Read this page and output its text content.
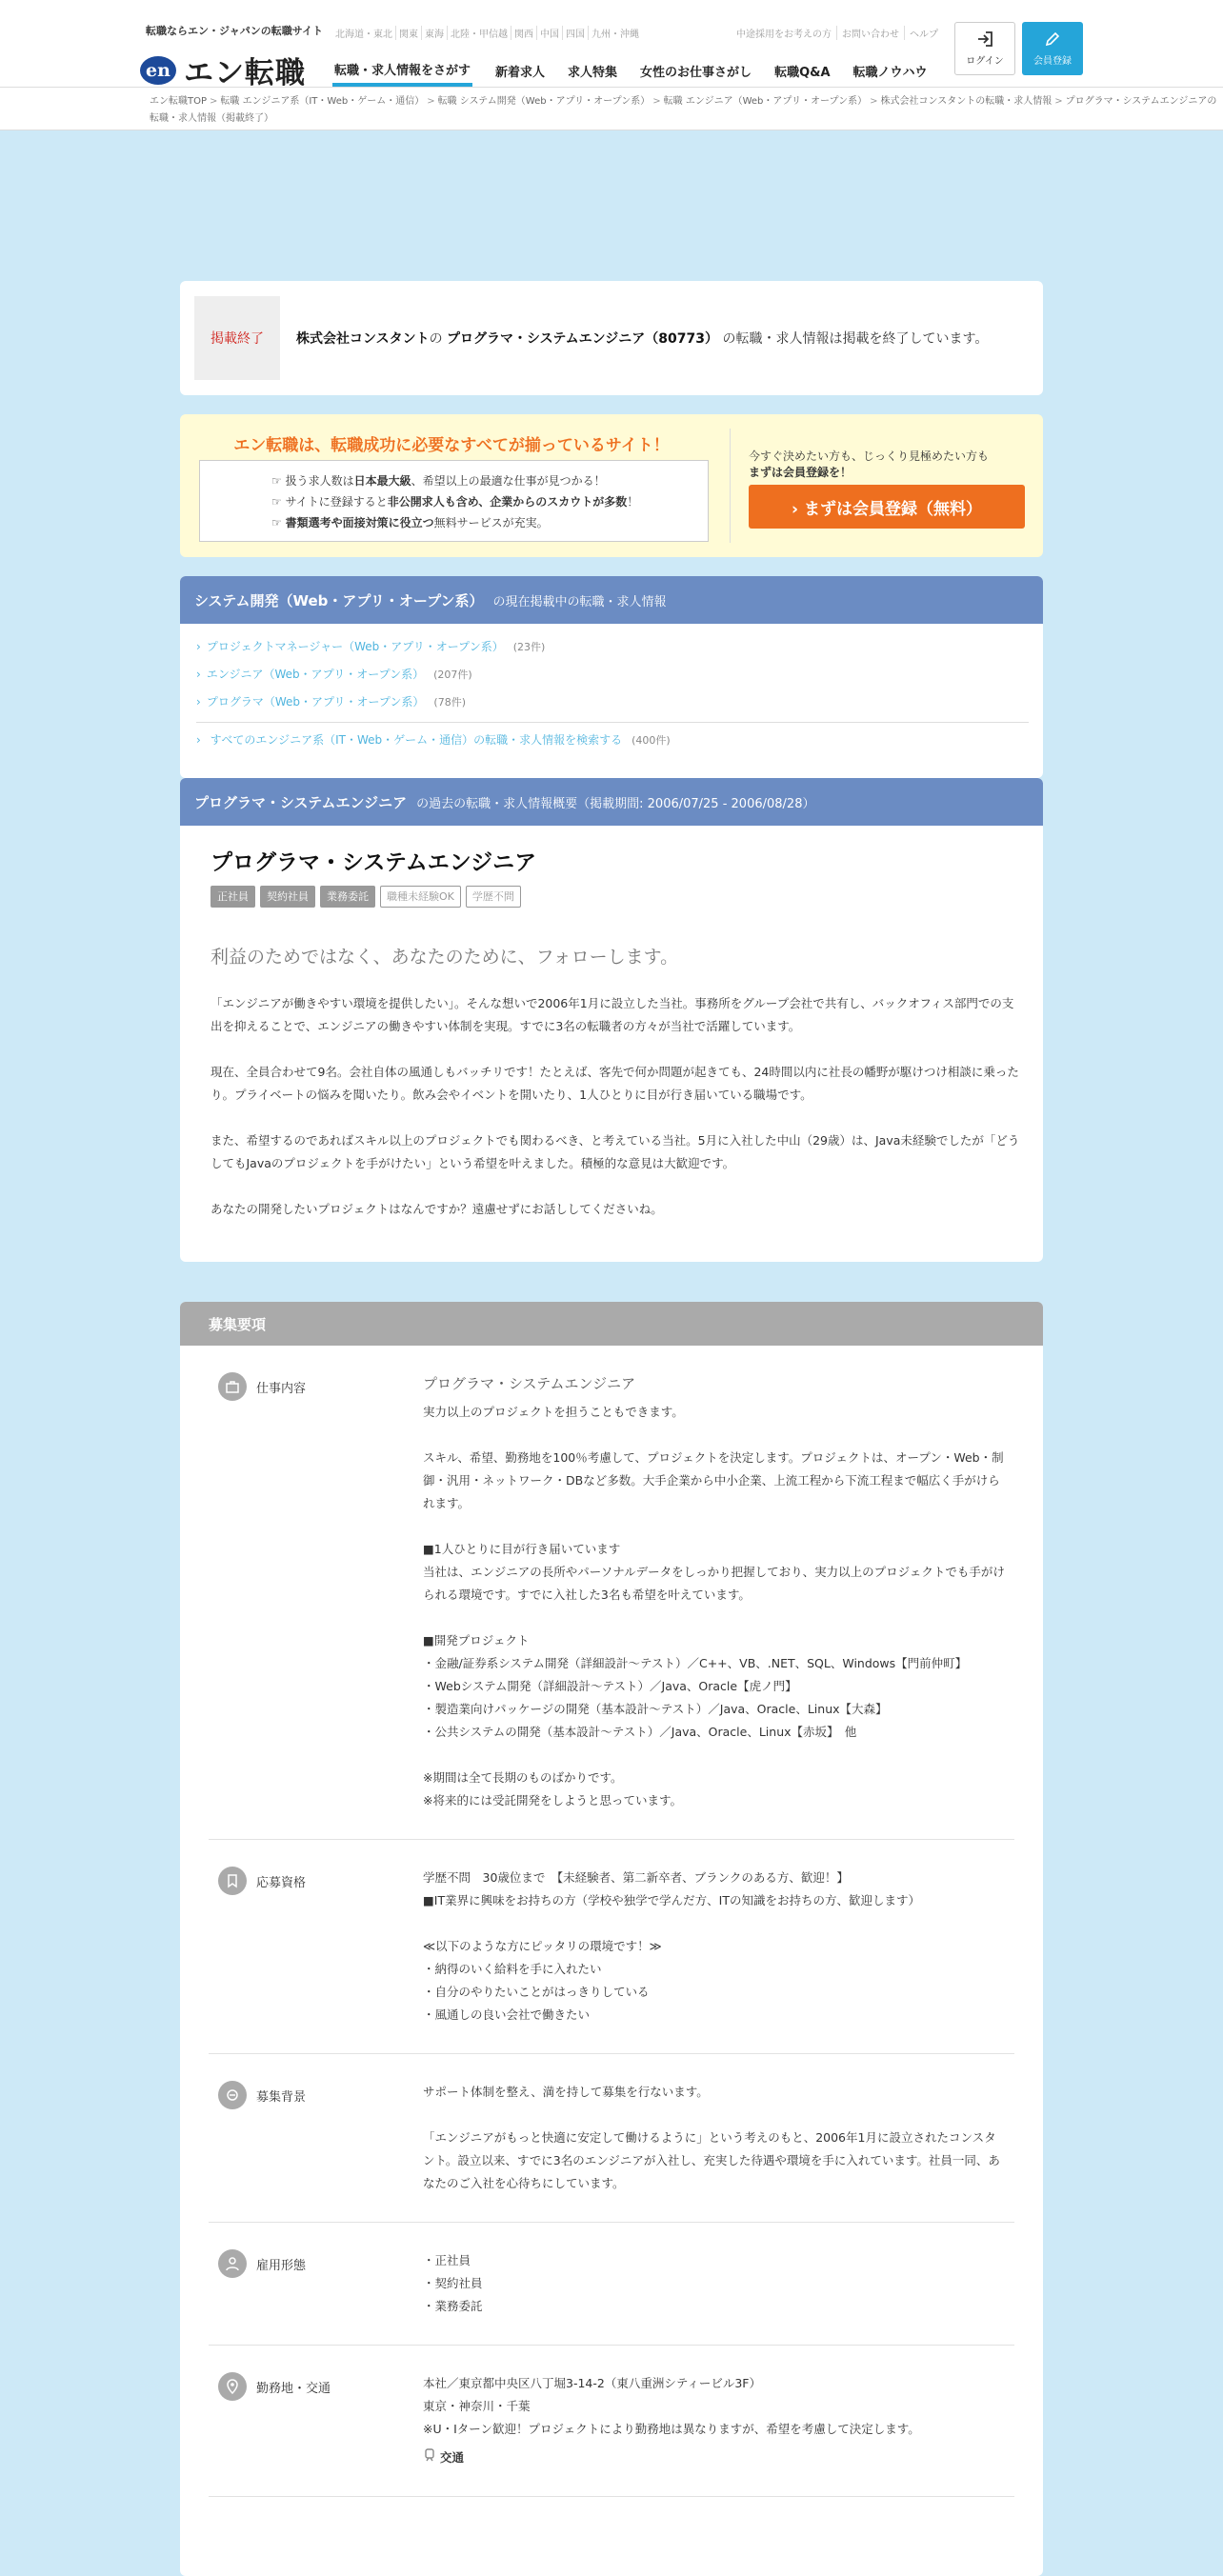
転職ならエン・ジャパンの転職サイト
en エン転職
北海道・東北 関東 東海 北陸・甲信越 関西 中国 四国 九州・沖縄	中途採用をお考えの方	お問い合わせ	ヘルプ
転職・求人情報をさがす 新着求人 求人特集 女性のお仕事さがし 転職Q&A 転職ノウハウ
ログイン	会員登録
エン転職TOP > 転職 エンジニア系（IT・Web・ゲーム・通信） > 転職 システム開発（Web・アプリ・オープン系） > 転職 エンジニア（Web・アプリ・オープン系） > 株式会社コンスタントの転職・求人情報 > プログラマ・システムエンジニアの転職・求人情報（掲載終了）
掲載終了	株式会社コンスタントの プログラマ・システムエンジニア（80773） の転職・求人情報は掲載を終了しています。
エン転職は、転職成功に必要なすべてが揃っているサイト！
☞ 扱う求人数は日本最大級、希望以上の最適な仕事が見つかる！
☞ サイトに登録すると非公開求人も含め、企業からのスカウトが多数！
☞ 書類選考や面接対策に役立つ無料サービスが充実。
今すぐ決めたい方も、じっくり見極めたい方も
まずは会員登録を！
› まずは会員登録（無料）
システム開発（Web・アプリ・オープン系） の現在掲載中の転職・求人情報
› プロジェクトマネージャー（Web・アプリ・オープン系） (23件)
› エンジニア（Web・アプリ・オープン系） (207件)
› プログラマ（Web・アプリ・オープン系） (78件)
› すべてのエンジニア系（IT・Web・ゲーム・通信）の転職・求人情報を検索する (400件)
プログラマ・システムエンジニア の過去の転職・求人情報概要（掲載期間: 2006/07/25 - 2006/08/28）
プログラマ・システムエンジニア
正社員	契約社員	業務委託	職種未経験OK	学歴不問
利益のためではなく、あなたのために、フォローします。

「エンジニアが働きやすい環境を提供したい」。そんな想いで2006年1月に設立した当社。事務所をグループ会社で共有し、バックオフィス部門での支出を抑えることで、エンジニアの働きやすい体制を実現。すでに3名の転職者の方々が当社で活躍しています。

現在、全員合わせて9名。会社自体の風通しもバッチリです！たとえば、客先で何か問題が起きても、24時間以内に社長の幡野が駆けつけ相談に乗ったり。プライベートの悩みを聞いたり。飲み会やイベントを開いたり、1人ひとりに目が行き届いている職場です。

また、希望するのであればスキル以上のプロジェクトでも関わるべき、と考えている当社。5月に入社した中山（29歳）は、Java未経験でしたが「どうしてもJavaのプロジェクトを手がけたい」という希望を叶えました。積極的な意見は大歓迎です。

あなたの開発したいプロジェクトはなんですか？遠慮せずにお話ししてくださいね。

募集要項
仕事内容	プログラマ・システムエンジニア
実力以上のプロジェクトを担うこともできます。

スキル、希望、勤務地を100％考慮して、プロジェクトを決定します。プロジェクトは、オープン・Web・制御・汎用・ネットワーク・DBなど多数。大手企業から中小企業、上流工程から下流工程まで幅広く手がけられます。

■1人ひとりに目が行き届いています
当社は、エンジニアの長所やパーソナルデータをしっかり把握しており、実力以上のプロジェクトでも手がけられる環境です。すでに入社した3名も希望を叶えています。

■開発プロジェクト
・金融/証券系システム開発（詳細設計～テスト）／C++、VB、.NET、SQL、Windows【門前仲町】
・Webシステム開発（詳細設計～テスト）／Java、Oracle【虎ノ門】
・製造業向けパッケージの開発（基本設計～テスト）／Java、Oracle、Linux【大森】
・公共システムの開発（基本設計～テスト）／Java、Oracle、Linux【赤坂】　他

※期間は全て長期のものばかりです。
※将来的には受託開発をしようと思っています。
応募資格	学歴不問　30歳位まで　【未経験者、第二新卒者、ブランクのある方、歓迎！】
■IT業界に興味をお持ちの方（学校や独学で学んだ方、ITの知識をお持ちの方、歓迎します）

≪以下のような方にピッタリの環境です！≫
・納得のいく給料を手に入れたい
・自分のやりたいことがはっきりしている
・風通しの良い会社で働きたい
募集背景	サポート体制を整え、満を持して募集を行ないます。

「エンジニアがもっと快適に安定して働けるように」という考えのもと、2006年1月に設立されたコンスタント。設立以来、すでに3名のエンジニアが入社し、充実した待遇や環境を手に入れています。社員一同、あなたのご入社を心待ちにしています。
雇用形態	・正社員
・契約社員
・業務委託
勤務地・交通	本社／東京都中央区八丁堀3-14-2（東八重洲シティービル3F）
東京・神奈川・千葉
※U・Iターン歓迎！プロジェクトにより勤務地は異なりますが、希望を考慮して決定します。
交通
